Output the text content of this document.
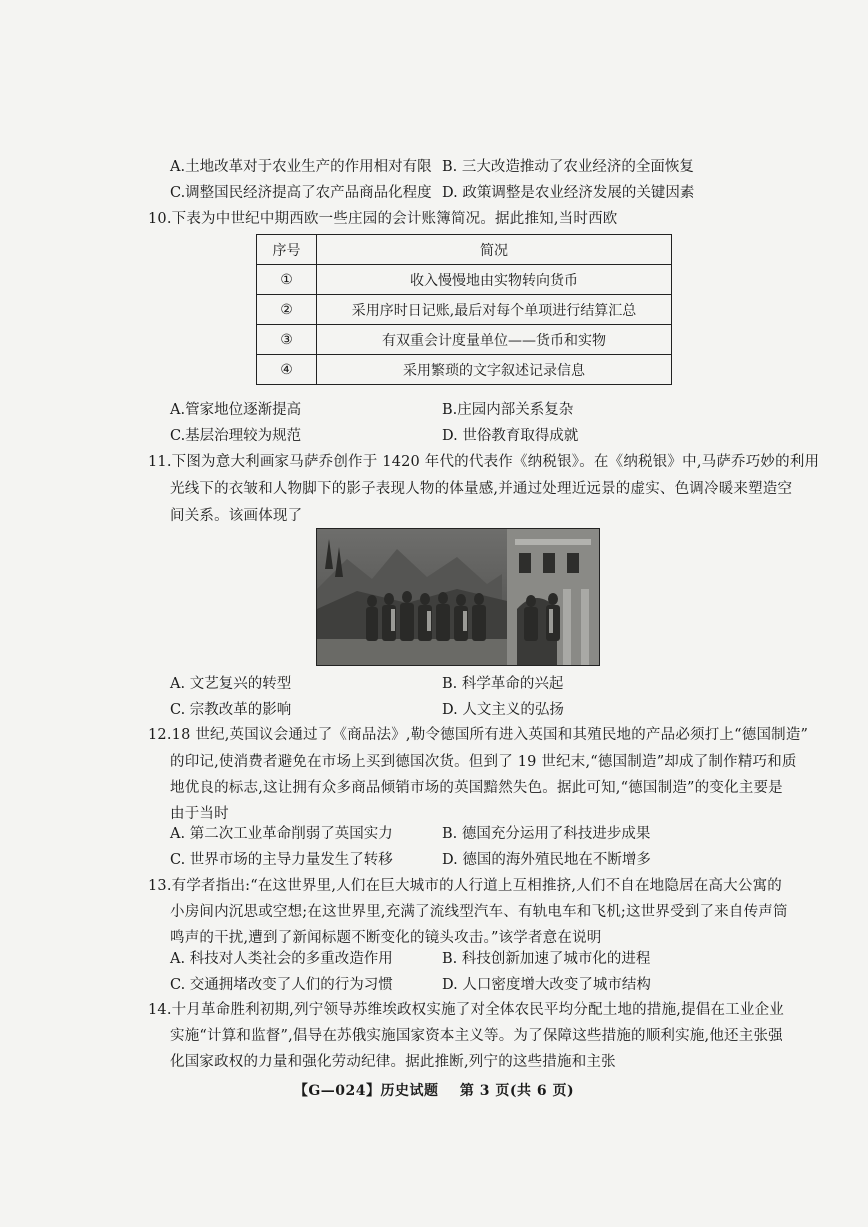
A.土地改革对于农业生产的作用相对有限 B. 三大改造推动了农业经济的全面恢复
C.调整国民经济提高了农产品商品化程度 D. 政策调整是农业经济发展的关键因素
10.下表为中世纪中期西欧一些庄园的会计账簿简况。据此推知,当时西欧
序号	简况
①	收入慢慢地由实物转向货币
②	采用序时日记账,最后对每个单项进行结算汇总
③	有双重会计度量单位——货币和实物
④	采用繁琐的文字叙述记录信息
A.管家地位逐渐提高	B.庄园内部关系复杂
C.基层治理较为规范	D. 世俗教育取得成就
11.下图为意大利画家马萨乔创作于 1420 年代的代表作《纳税银》。在《纳税银》中,马萨乔巧妙的利用
光线下的衣皱和人物脚下的影子表现人物的体量感,并通过处理近远景的虚实、色调冷暖来塑造空
间关系。该画体现了
A. 文艺复兴的转型	B. 科学革命的兴起
C. 宗教改革的影响	D. 人文主义的弘扬
12.18 世纪,英国议会通过了《商品法》,勒令德国所有进入英国和其殖民地的产品必须打上“德国制造”
的印记,使消费者避免在市场上买到德国次货。但到了 19 世纪末,“德国制造”却成了制作精巧和质
地优良的标志,这让拥有众多商品倾销市场的英国黯然失色。据此可知,“德国制造”的变化主要是
由于当时
A. 第二次工业革命削弱了英国实力	B. 德国充分运用了科技进步成果
C. 世界市场的主导力量发生了转移	D. 德国的海外殖民地在不断增多
13.有学者指出:“在这世界里,人们在巨大城市的人行道上互相推挤,人们不自在地隐居在高大公寓的
小房间内沉思或空想;在这世界里,充满了流线型汽车、有轨电车和飞机;这世界受到了来自传声筒
鸣声的干扰,遭到了新闻标题不断变化的镜头攻击。”该学者意在说明
A. 科技对人类社会的多重改造作用	B. 科技创新加速了城市化的进程
C. 交通拥堵改变了人们的行为习惯	D. 人口密度增大改变了城市结构
14.十月革命胜利初期,列宁领导苏维埃政权实施了对全体农民平均分配土地的措施,提倡在工业企业
实施“计算和监督”,倡导在苏俄实施国家资本主义等。为了保障这些措施的顺利实施,他还主张强
化国家政权的力量和强化劳动纪律。据此推断,列宁的这些措施和主张
【G—024】历史试题 第 3 页(共 6 页)
